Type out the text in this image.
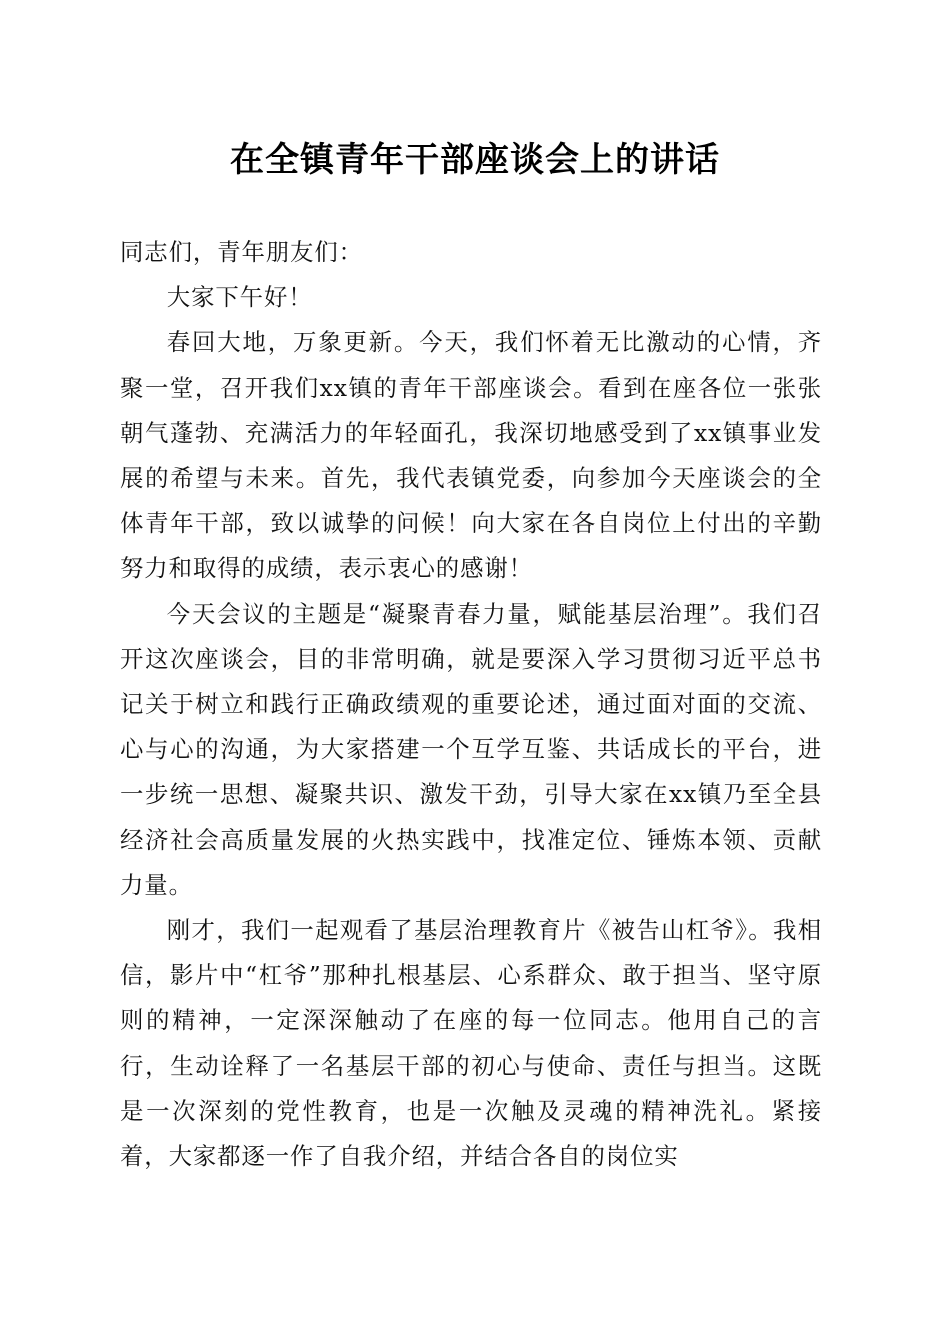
在全镇青年干部座谈会上的讲话

同志们，青年朋友们：

大家下午好！

春回大地，万象更新。今天，我们怀着无比激动的心情，齐聚一堂，召开我们xx镇的青年干部座谈会。看到在座各位一张张朝气蓬勃、充满活力的年轻面孔，我深切地感受到了xx镇事业发展的希望与未来。首先，我代表镇党委，向参加今天座谈会的全体青年干部，致以诚挚的问候！向大家在各自岗位上付出的辛勤努力和取得的成绩，表示衷心的感谢！

今天会议的主题是“凝聚青春力量，赋能基层治理”。我们召开这次座谈会，目的非常明确，就是要深入学习贯彻习近平总书记关于树立和践行正确政绩观的重要论述，通过面对面的交流、心与心的沟通，为大家搭建一个互学互鉴、共话成长的平台，进一步统一思想、凝聚共识、激发干劲，引导大家在xx镇乃至全县经济社会高质量发展的火热实践中，找准定位、锤炼本领、贡献力量。

刚才，我们一起观看了基层治理教育片《被告山杠爷》。我相信，影片中“杠爷”那种扎根基层、心系群众、敢于担当、坚守原则的精神，一定深深触动了在座的每一位同志。他用自己的言行，生动诠释了一名基层干部的初心与使命、责任与担当。这既是一次深刻的党性教育，也是一次触及灵魂的精神洗礼。紧接着，大家都逐一作了自我介绍，并结合各自的岗位实
